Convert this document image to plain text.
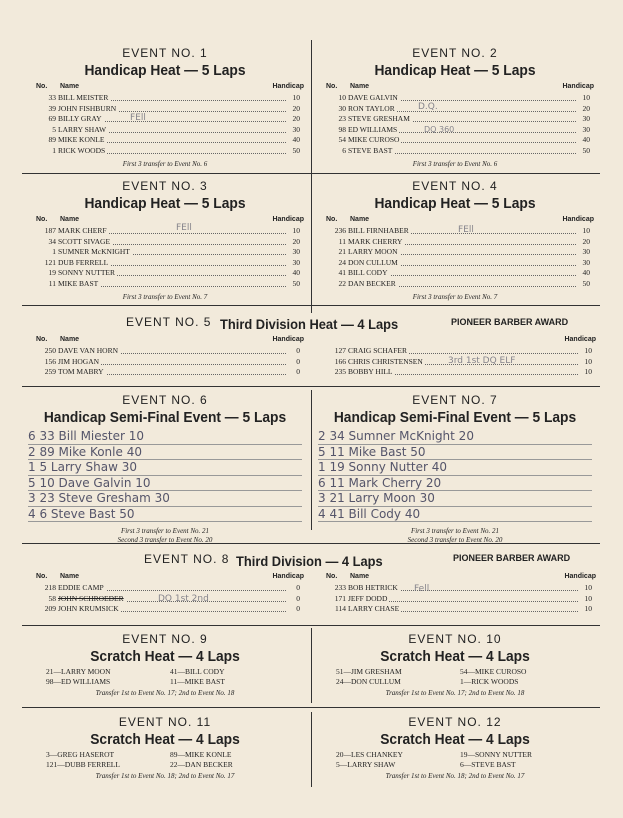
EVENT NO. 1

Handicap Heat — 5 Laps

No. Name	Handicap
33 BILL MEISTER	10
39 JOHN FISHBURN	20
69 BILLY GRAY	20
5 LARRY SHAW	30
89 MIKE KONLE	40
1 RICK WOODS	50

First 3 transfer to Event No. 6

FEll

EVENT NO. 2

Handicap Heat — 5 Laps

No. Name	Handicap
10 DAVE GALVIN	10
30 RON TAYLOR	20
23 STEVE GRESHAM	30
98 ED WILLIAMS	30
54 MIKE CUROSO	40
6 STEVE BAST	50

First 3 transfer to Event No. 6

D.Q.
DQ 360

EVENT NO. 3

Handicap Heat — 5 Laps

No. Name	Handicap
187 MARK CHERF	10
34 SCOTT SIVAGE	20
1 SUMNER McKNIGHT	30
121 DUB FERRELL	30
19 SONNY NUTTER	40
11 MIKE BAST	50

First 3 transfer to Event No. 7

FEll

EVENT NO. 4

Handicap Heat — 5 Laps

No. Name	Handicap
236 BILL FIRNHABER	10
11 MARK CHERRY	20
21 LARRY MOON	30
24 DON CULLUM	30
41 BILL CODY	40
22 DAN BECKER	50

First 3 transfer to Event No. 7

FEll
EVENT NO. 5 Third Division Heat — 4 Laps	PIONEER BARBER AWARD
No. Name	Handicap
250 DAVE VAN HORN	0
156 JIM HOGAN	0
259 TOM MABRY	0
Handicap
127 CRAIG SCHAFER	10
166 CHRIS CHRISTENSEN	10
235 BOBBY HILL	10
3rd 1st DQ ELF

EVENT NO. 6

Handicap Semi-Final Event — 5 Laps

6 33 Bill Miester 10
2 89 Mike Konle 40
1 5 Larry Shaw 30
5 10 Dave Galvin 10
3 23 Steve Gresham 30
4 6 Steve Bast 50

First 3 transfer to Event No. 21
Second 3 transfer to Event No. 20

EVENT NO. 7

Handicap Semi-Final Event — 5 Laps

2 34 Sumner McKnight 20
5 11 Mike Bast 50
1 19 Sonny Nutter 40
6 11 Mark Cherry 20
3 21 Larry Moon 30
4 41 Bill Cody 40

First 3 transfer to Event No. 21
Second 3 transfer to Event No. 20

EVENT NO. 8 Third Division — 4 Laps	PIONEER BARBER AWARD
No. Name	Handicap
218 EDDIE CAMP	0
58 JOHN SCHROEDER	0
209 JOHN KRUMSICK	0
No. Name	Handicap
233 BOB HETRICK	10
171 JEFF DODD	10
114 LARRY CHASE	10
Fell
DQ 1st 2nd

EVENT NO. 9

Scratch Heat — 4 Laps

21—LARRY MOON	41—BILL CODY
98—ED WILLIAMS	11—MIKE BAST

Transfer 1st to Event No. 17; 2nd to Event No. 18

EVENT NO. 10

Scratch Heat — 4 Laps

51—JIM GRESHAM	54—MIKE CUROSO
24—DON CULLUM	1—RICK WOODS

Transfer 1st to Event No. 17; 2nd to Event No. 18

EVENT NO. 11

Scratch Heat — 4 Laps

3—GREG HASEROT	89—MIKE KONLE
121—DUBB FERRELL	22—DAN BECKER

Transfer 1st to Event No. 18; 2nd to Event No. 17

EVENT NO. 12

Scratch Heat — 4 Laps

20—LES CHANKEY	19—SONNY NUTTER
5—LARRY SHAW	6—STEVE BAST

Transfer 1st to Event No. 18; 2nd to Event No. 17
